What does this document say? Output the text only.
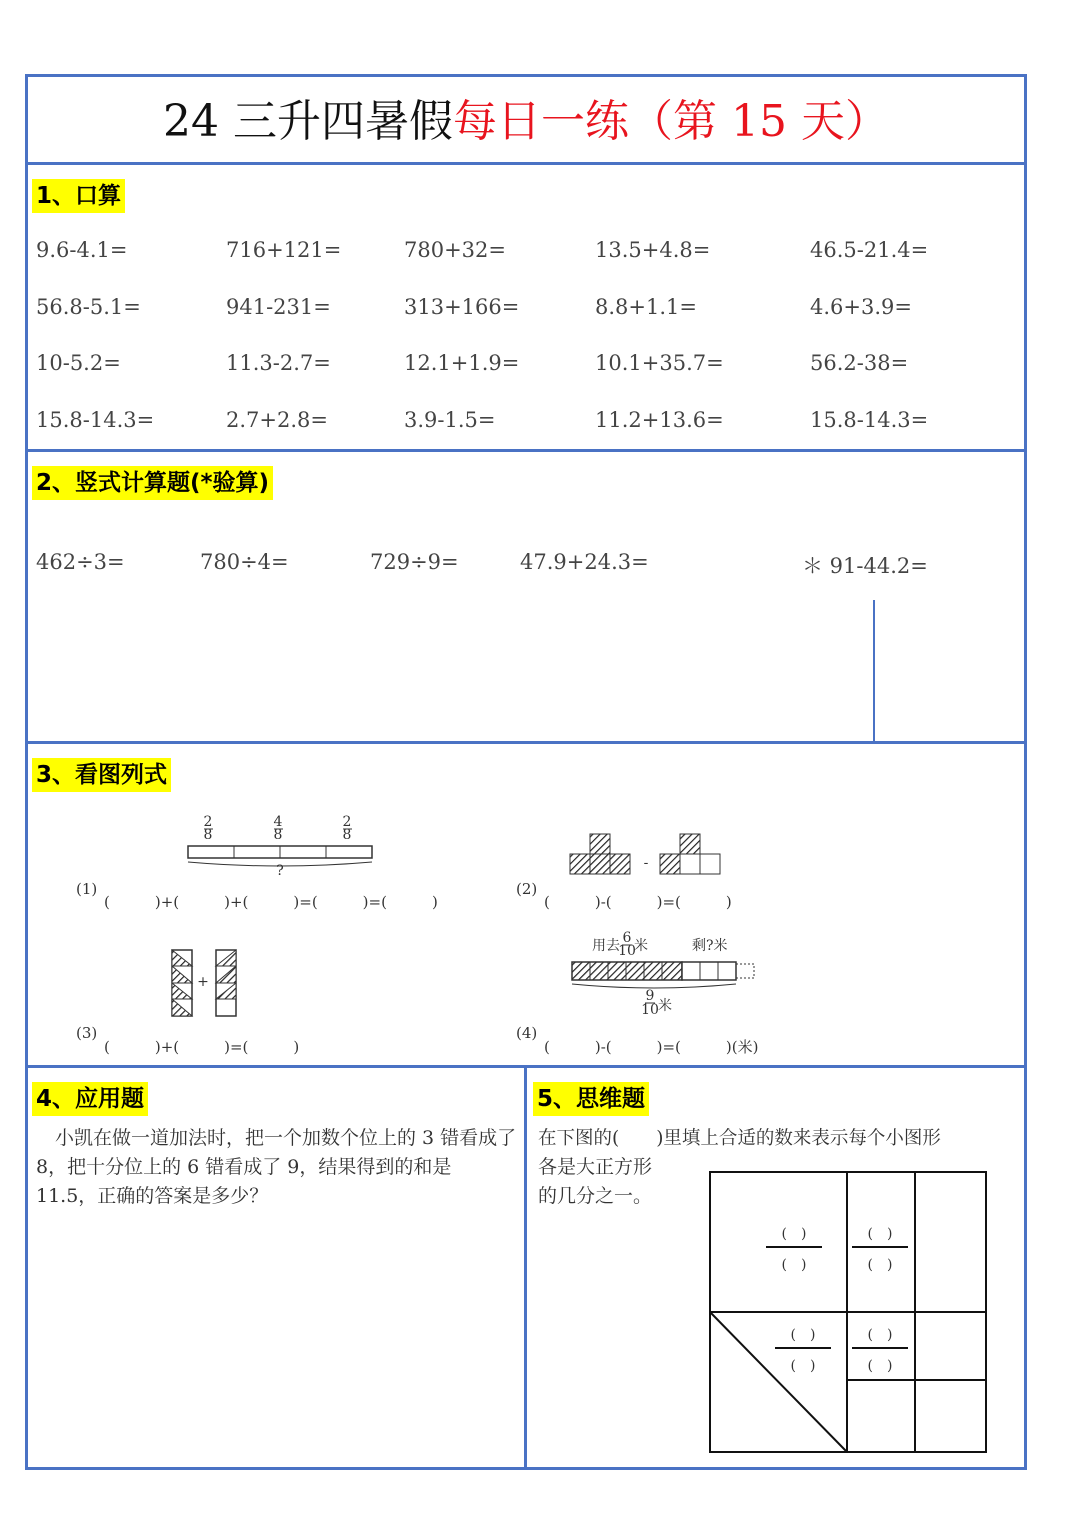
24 三升四暑假每日一练（第 15 天）
1、口算
9.6-4.1=	716+121=	780+32=	13.5+4.8=	46.5-21.4=
56.8-5.1=	941-231=	313+166=	8.8+1.1=	4.6+3.9=
10-5.2=	11.3-2.7=	12.1+1.9=	10.1+35.7=	56.2-38=
15.8-14.3=	2.7+2.8=	3.9-1.5=	11.2+13.6=	15.8-14.3=
2、竖式计算题(*验算)
462÷3=	780÷4=	729÷9=	47.9+24.3=	＊ 91-44.2=
3、看图列式
2
8
4
8
2
8
?
(1)
(　　　)+(　　　)+(　　　)=(　　　)=(　　　)
-
(2)
(　　　)-(　　　)=(　　　)
+
(3)
(　　　)+(　　　)=(　　　)
用去 6
10
米	剩?米
9
10 米
(4)
(　　　)-(　　　)=(　　　)(米)
4、应用题
小凯在做一道加法时，把一个加数个位上的 3 错看成了 8，把十分位上的 6 错看成了 9，结果得到的和是 11.5，正确的答案是多少？
5、思维题
在下图的(　　)里填上合适的数来表示每个小图形
各是大正方形
的几分之一。
(　)
(　)
(　)
(　)
(　)
(　)
(　)
(　)
